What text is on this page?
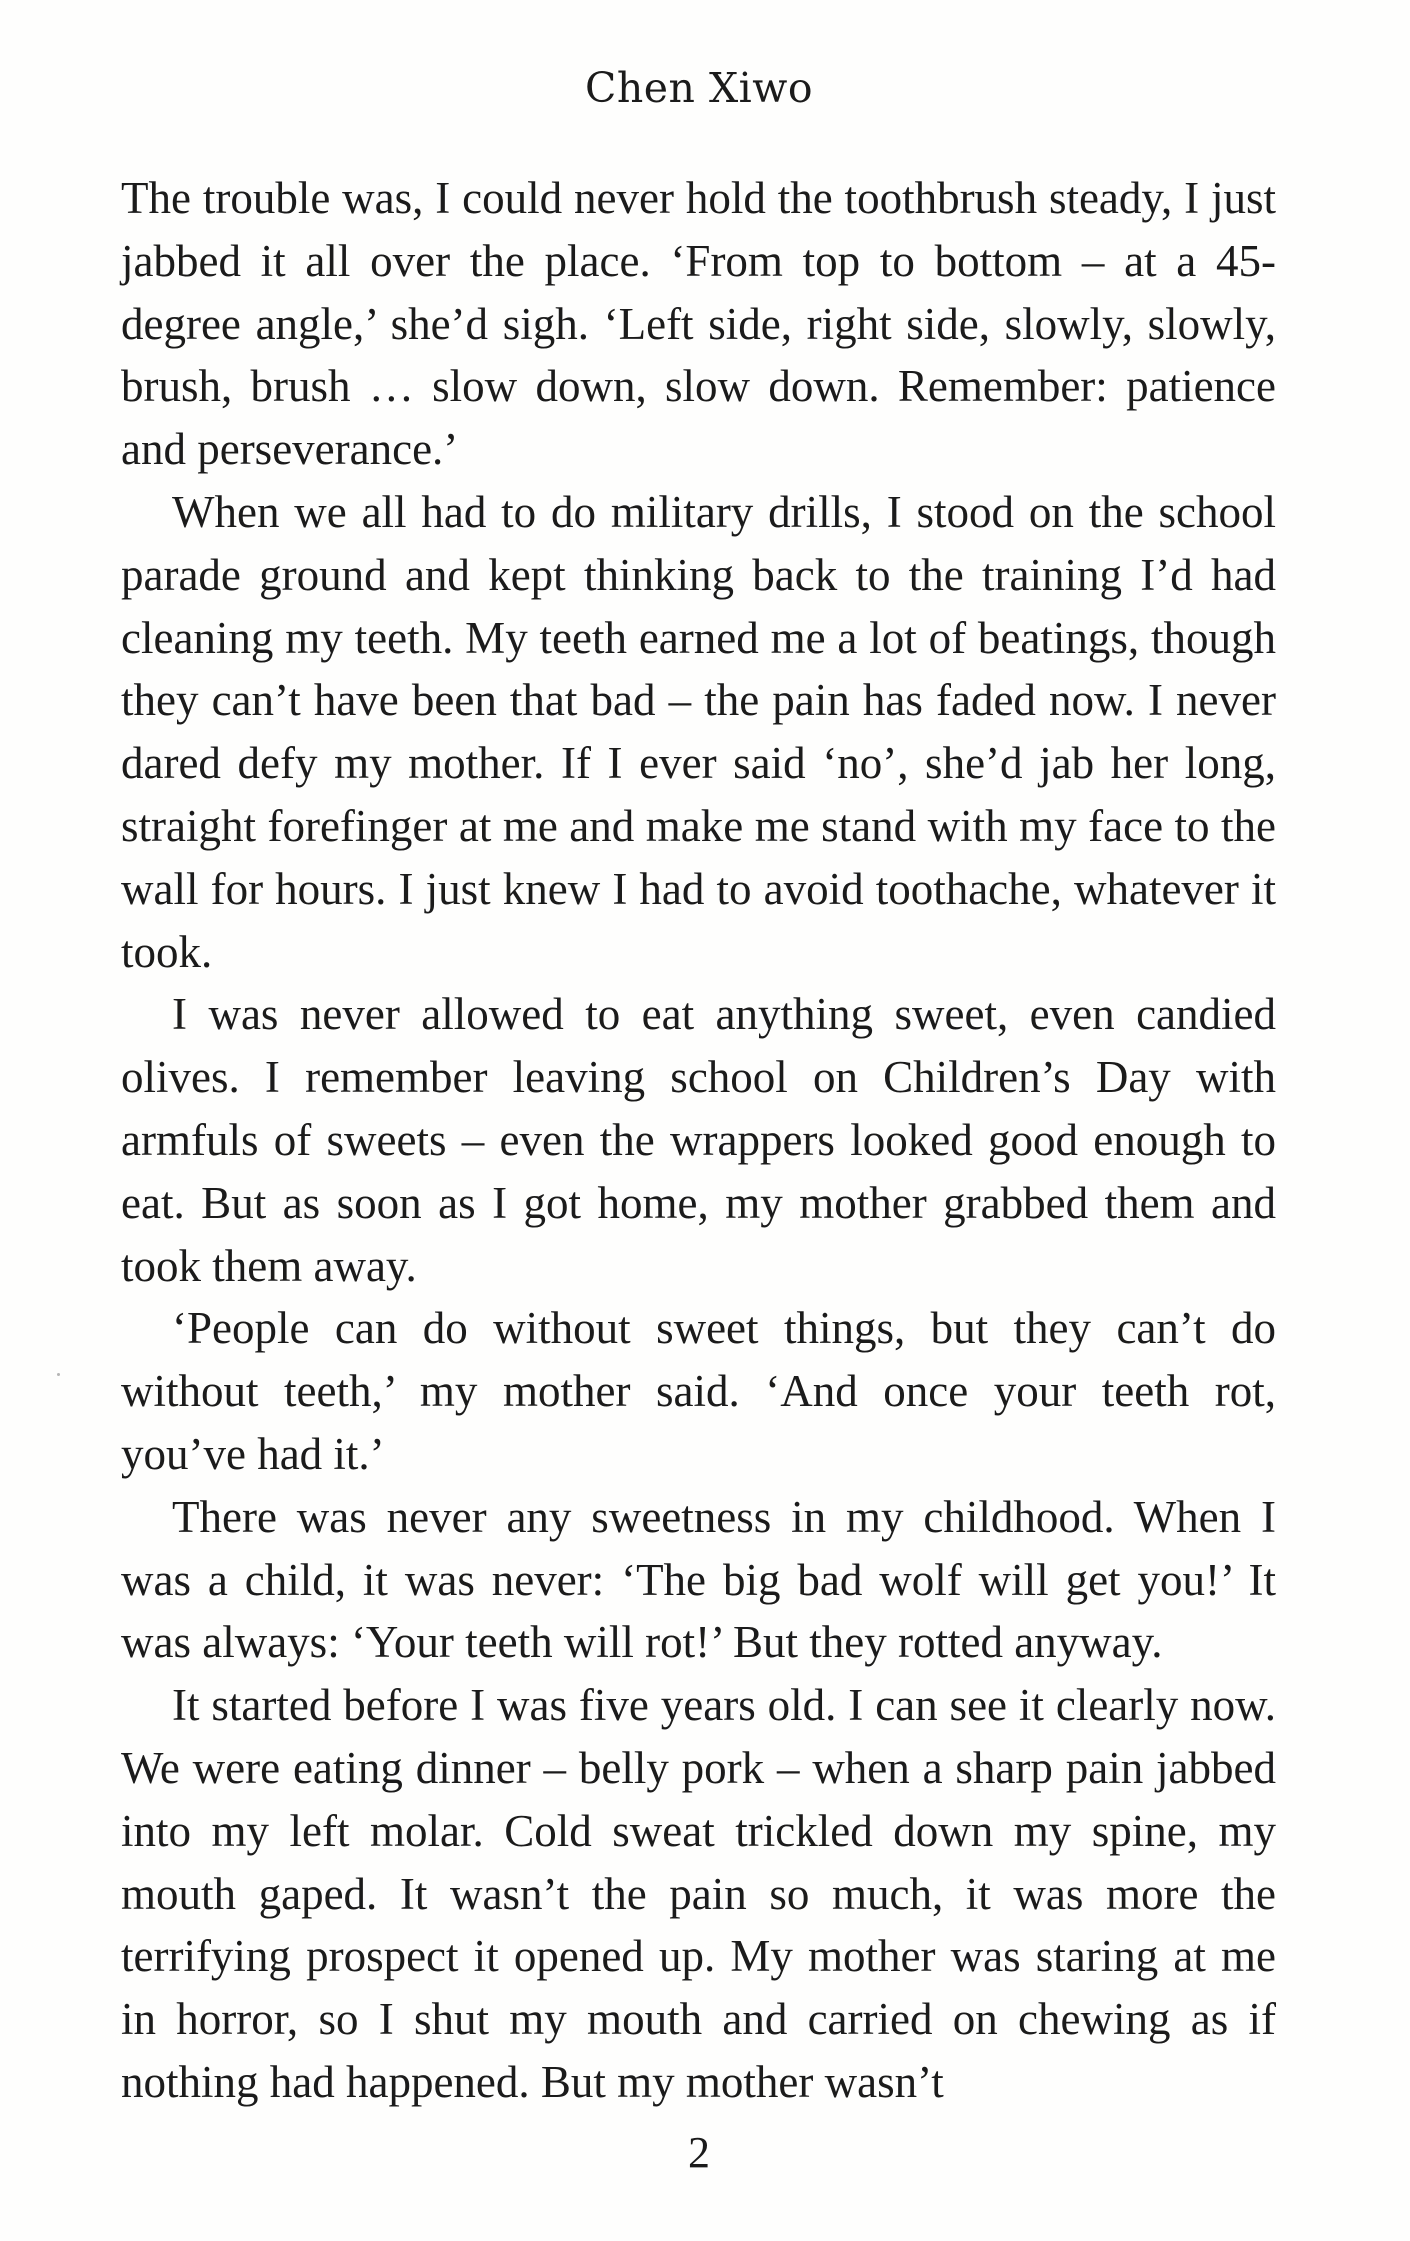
Chen Xiwo

The trouble was, I could never hold the toothbrush steady, I just jabbed it all over the place. ‘From top to bottom – at a 45-degree angle,’ she’d sigh. ‘Left side, right side, slowly, slowly, brush, brush … slow down, slow down. Remember: patience and perseverance.’

When we all had to do military drills, I stood on the school parade ground and kept thinking back to the training I’d had cleaning my teeth. My teeth earned me a lot of beatings, though they can’t have been that bad – the pain has faded now. I never dared defy my mother. If I ever said ‘no’, she’d jab her long, straight forefinger at me and make me stand with my face to the wall for hours. I just knew I had to avoid toothache, whatever it took.

I was never allowed to eat anything sweet, even candied olives. I remember leaving school on Children’s Day with armfuls of sweets – even the wrappers looked good enough to eat. But as soon as I got home, my mother grabbed them and took them away.

‘People can do without sweet things, but they can’t do without teeth,’ my mother said. ‘And once your teeth rot, you’ve had it.’

There was never any sweetness in my childhood. When I was a child, it was never: ‘The big bad wolf will get you!’ It was always: ‘Your teeth will rot!’ But they rotted anyway.

It started before I was five years old. I can see it clearly now. We were eating dinner – belly pork – when a sharp pain jabbed into my left molar. Cold sweat trickled down my spine, my mouth gaped. It wasn’t the pain so much, it was more the terrifying prospect it opened up. My mother was staring at me in horror, so I shut my mouth and carried on chewing as if nothing had happened. But my mother wasn’t

2
